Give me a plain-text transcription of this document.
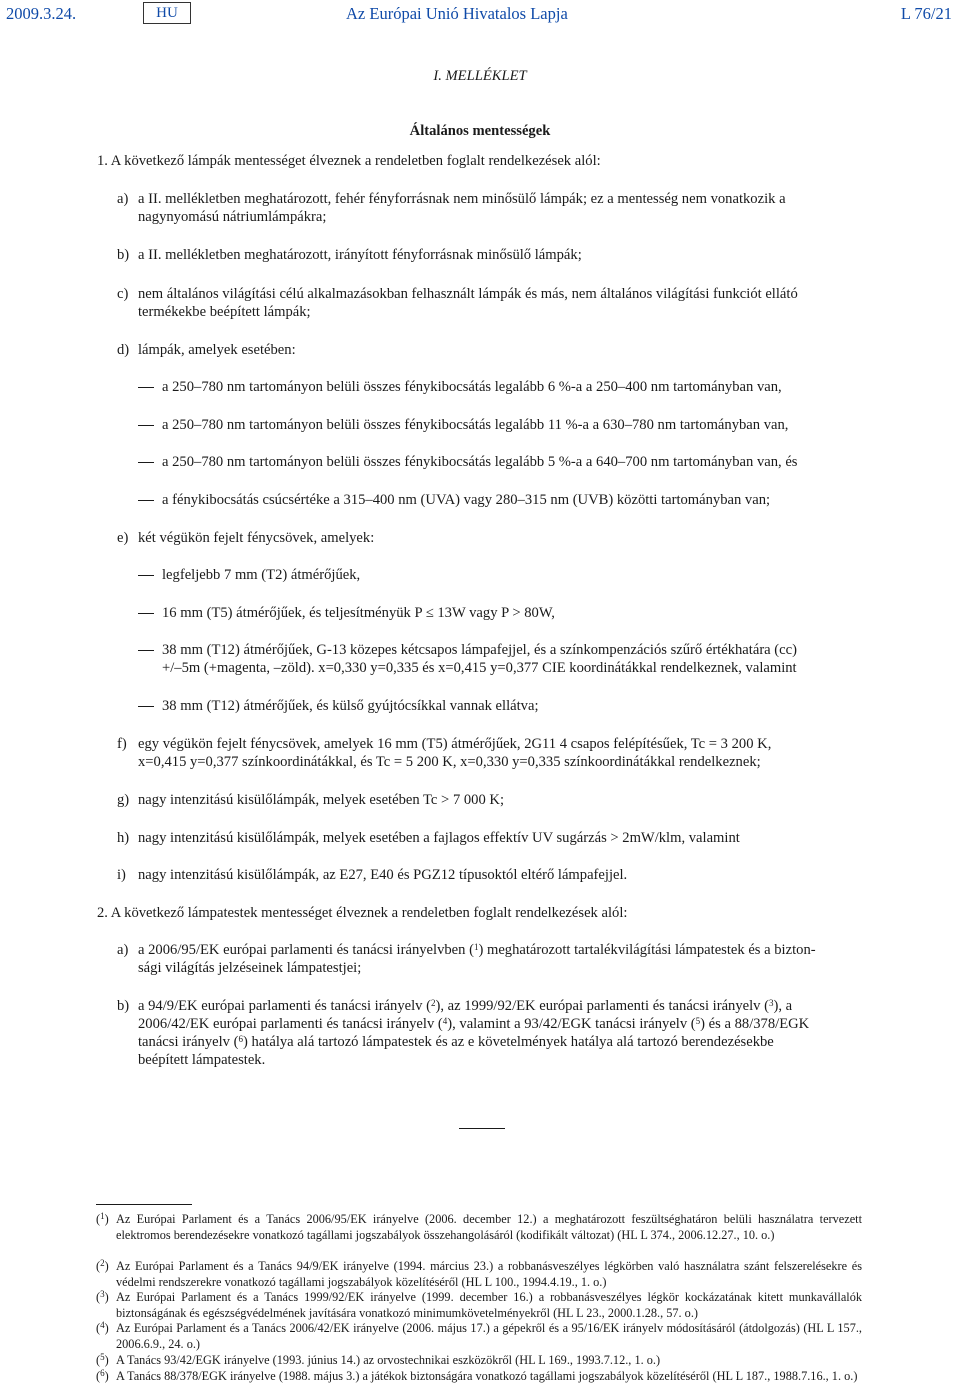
2009.3.24.	HU	Az Európai Unió Hivatalos Lapja	L 76/21
I. MELLÉKLET
Általános mentességek
1. A következő lámpák mentességet élveznek a rendeletben foglalt rendelkezések alól:
a) a II. mellékletben meghatározott, fehér fényforrásnak nem minősülő lámpák; ez a mentesség nem vonatkozik a
nagynyomású nátriumlámpákra;
b) a II. mellékletben meghatározott, irányított fényforrásnak minősülő lámpák;
c) nem általános világítási célú alkalmazásokban felhasznált lámpák és más, nem általános világítási funkciót ellátó
termékekbe beépített lámpák;
d) lámpák, amelyek esetében:
a 250–780 nm tartományon belüli összes fénykibocsátás legalább 6 %-a a 250–400 nm tartományban van,
a 250–780 nm tartományon belüli összes fénykibocsátás legalább 11 %-a a 630–780 nm tartományban van,
a 250–780 nm tartományon belüli összes fénykibocsátás legalább 5 %-a a 640–700 nm tartományban van, és
a fénykibocsátás csúcsértéke a 315–400 nm (UVA) vagy 280–315 nm (UVB) közötti tartományban van;
e) két végükön fejelt fénycsövek, amelyek:
legfeljebb 7 mm (T2) átmérőjűek,
16 mm (T5) átmérőjűek, és teljesítményük P ≤ 13W vagy P > 80W,
38 mm (T12) átmérőjűek, G-13 közepes kétcsapos lámpafejjel, és a színkompenzációs szűrő értékhatára (cc)
+/–5m (+magenta, –zöld). x=0,330 y=0,335 és x=0,415 y=0,377 CIE koordinátákkal rendelkeznek, valamint
38 mm (T12) átmérőjűek, és külső gyújtócsíkkal vannak ellátva;
f) egy végükön fejelt fénycsövek, amelyek 16 mm (T5) átmérőjűek, 2G11 4 csapos felépítésűek, Tc = 3 200 K,
x=0,415 y=0,377 színkoordinátákkal, és Tc = 5 200 K, x=0,330 y=0,335 színkoordinátákkal rendelkeznek;
g) nagy intenzitású kisülőlámpák, melyek esetében Tc > 7 000 K;
h) nagy intenzitású kisülőlámpák, melyek esetében a fajlagos effektív UV sugárzás > 2mW/klm, valamint
i) nagy intenzitású kisülőlámpák, az E27, E40 és PGZ12 típusoktól eltérő lámpafejjel.
2. A következő lámpatestek mentességet élveznek a rendeletben foglalt rendelkezések alól:
a) a 2006/95/EK európai parlamenti és tanácsi irányelvben ($^1$) meghatározott tartalékvilágítási lámpatestek és a bizton-
sági világítás jelzéseinek lámpatestjei;
b) a 94/9/EK európai parlamenti és tanácsi irányelv ($^2$), az 1999/92/EK európai parlamenti és tanácsi irányelv ($^3$), a
2006/42/EK európai parlamenti és tanácsi irányelv ($^4$), valamint a 93/42/EGK tanácsi irányelv ($^5$) és a 88/378/EGK
tanácsi irányelv ($^6$) hatálya alá tartozó lámpatestek és az e követelmények hatálya alá tartozó berendezésekbe
beépített lámpatestek.
($^1$) Az Európai Parlament és a Tanács 2006/95/EK irányelve (2006. december 12.) a meghatározott feszültséghatáron belüli használatra tervezett elektromos berendezésekre vonatkozó tagállami jogszabályok összehangolásáról (kodifikált változat) (HL L 374., 2006.12.27., 10. o.)
($^2$) Az Európai Parlament és a Tanács 94/9/EK irányelve (1994. március 23.) a robbanásveszélyes légkörben való használatra szánt felszerelésekre és védelmi rendszerekre vonatkozó tagállami jogszabályok közelítéséről (HL L 100., 1994.4.19., 1. o.)
($^3$) Az Európai Parlament és a Tanács 1999/92/EK irányelve (1999. december 16.) a robbanásveszélyes légkör kockázatának kitett munkavállalók biztonságának és egészségvédelmének javítására vonatkozó minimumkövetelményekről (HL L 23., 2000.1.28., 57. o.)
($^4$) Az Európai Parlament és a Tanács 2006/42/EK irányelve (2006. május 17.) a gépekről és a 95/16/EK irányelv módosításáról (átdolgozás) (HL L 157., 2006.6.9., 24. o.)
($^5$) A Tanács 93/42/EGK irányelve (1993. június 14.) az orvostechnikai eszközökről (HL L 169., 1993.7.12., 1. o.)
($^6$) A Tanács 88/378/EGK irányelve (1988. május 3.) a játékok biztonságára vonatkozó tagállami jogszabályok közelítéséről (HL L 187., 1988.7.16., 1. o.)
